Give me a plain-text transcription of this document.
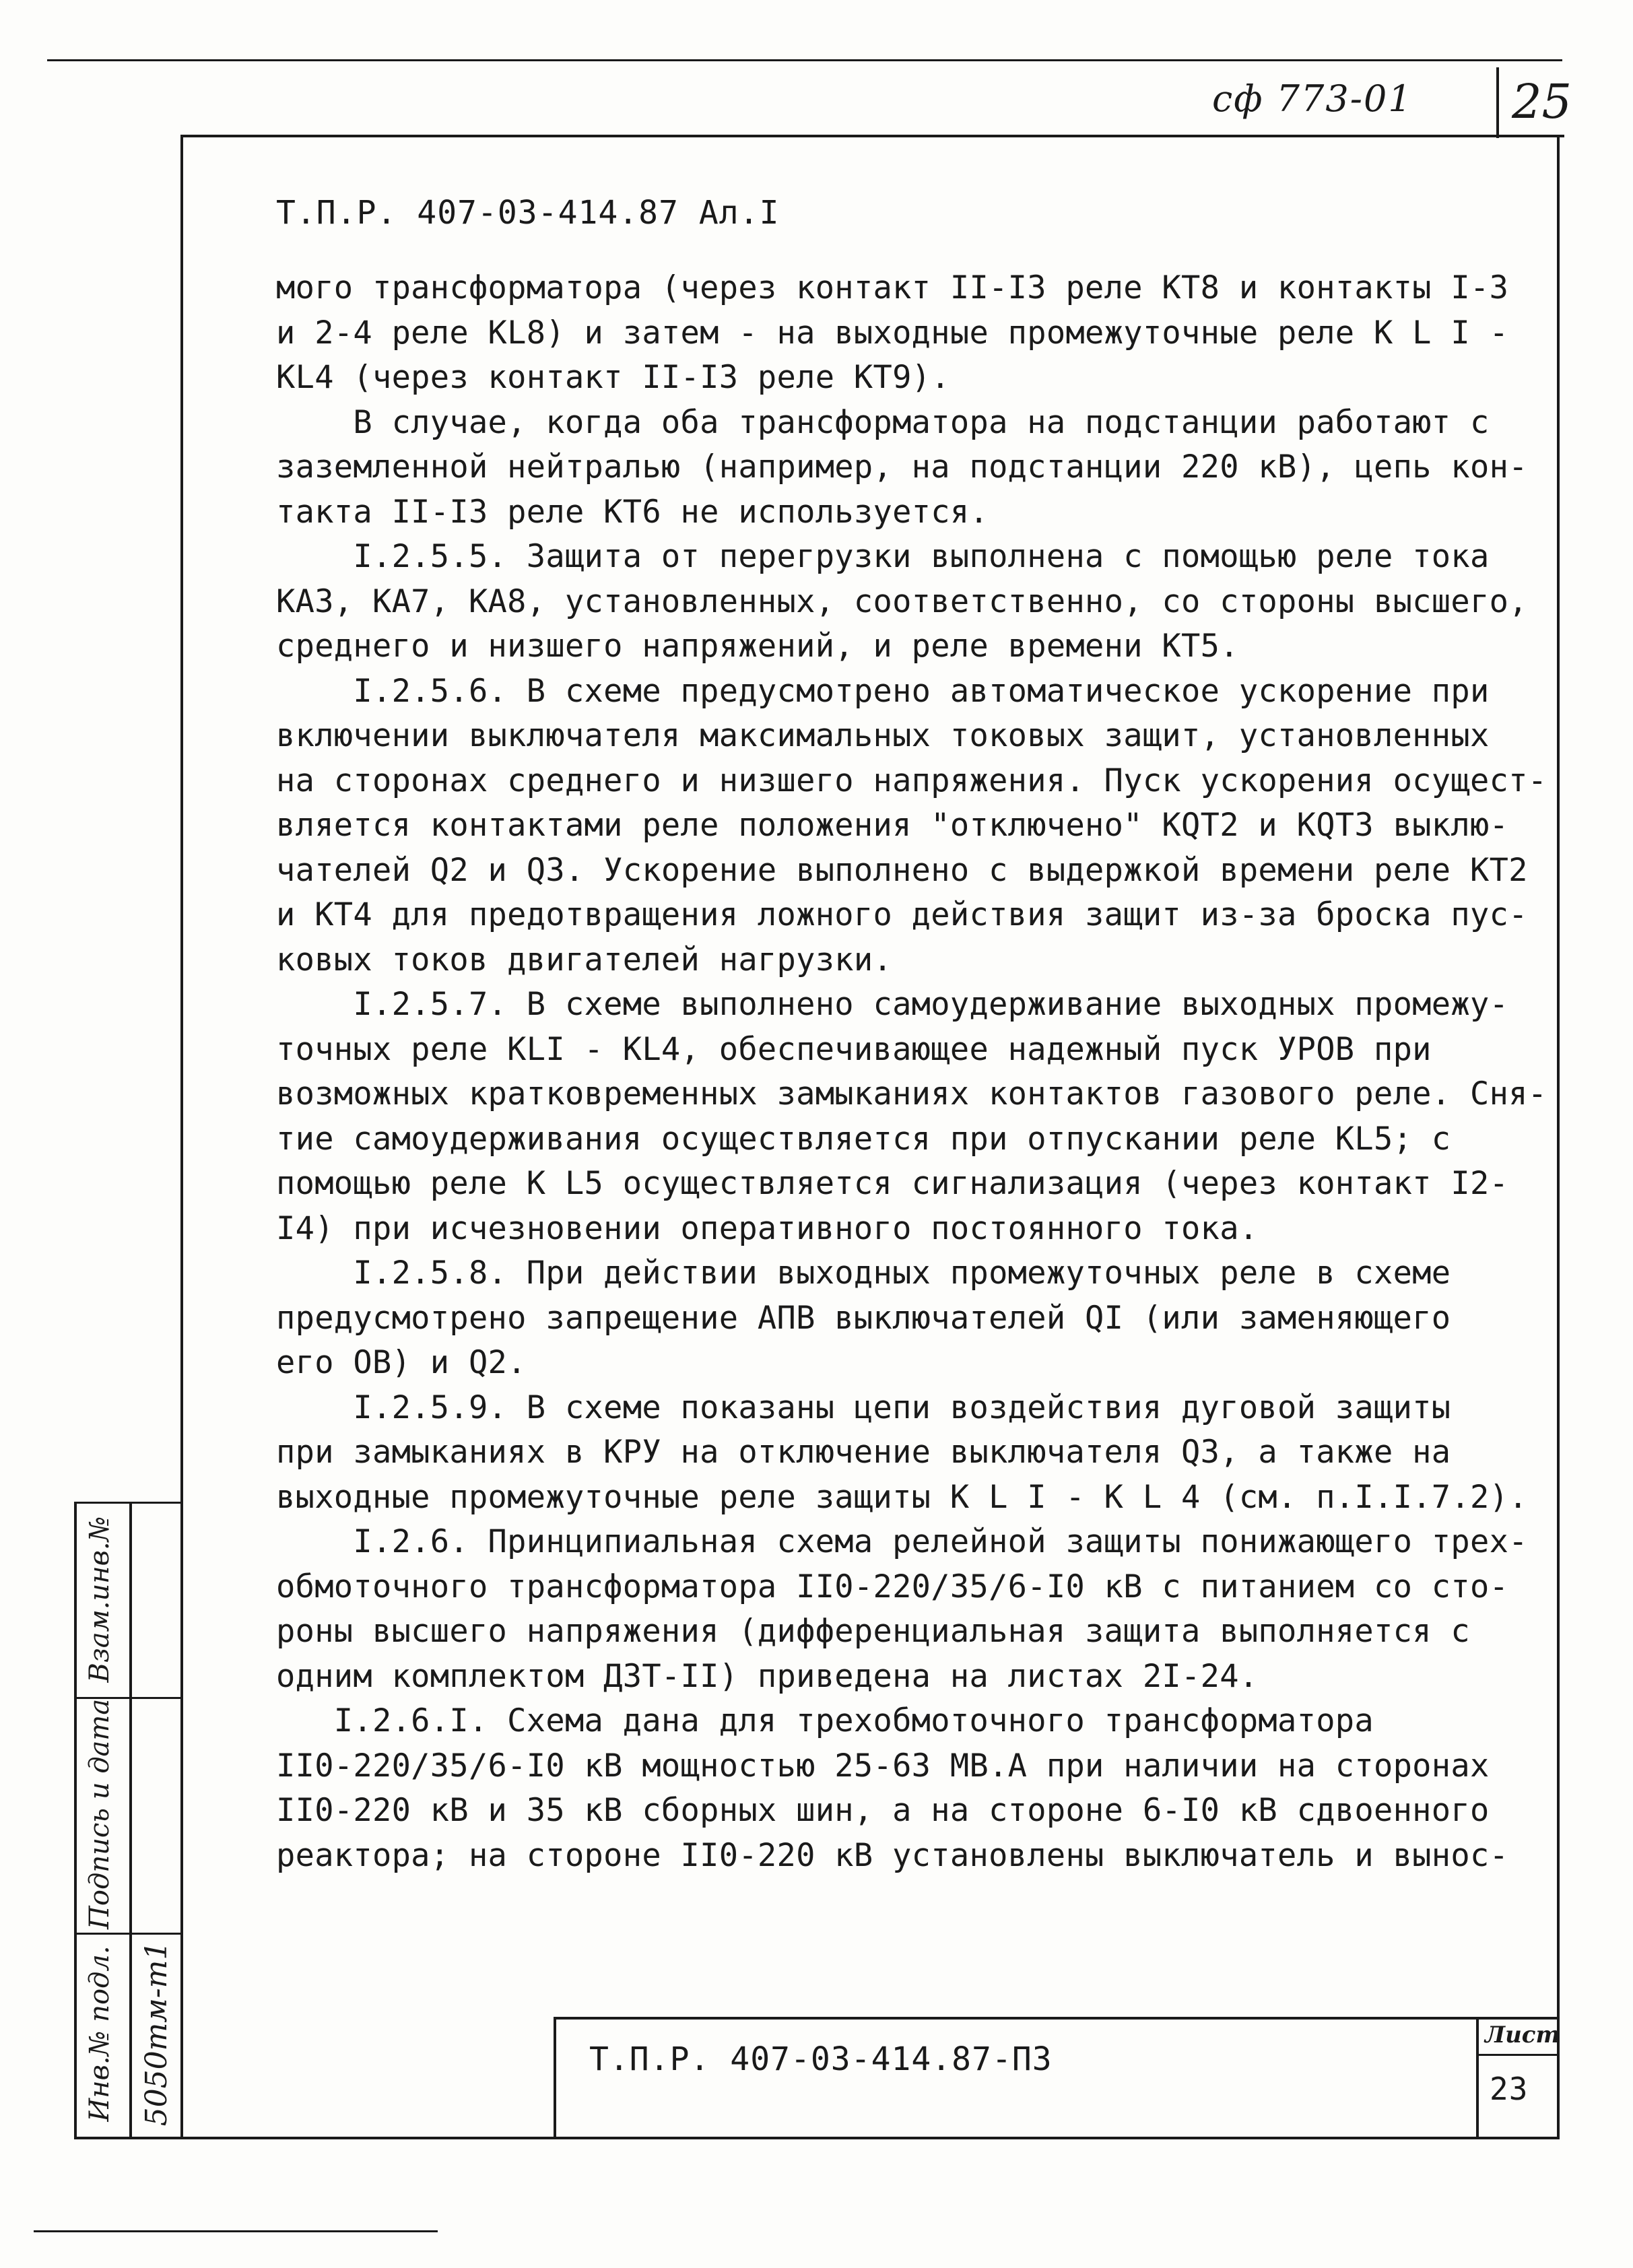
сф 773-01 25
Т.П.Р. 407-03-414.87 Ал.I
мого трансформатора (через контакт II-I3 реле КТ8 и контакты I-3
и 2-4 реле КL8) и затем - на выходные промежуточные реле К L I -
КL4 (через контакт II-I3 реле КТ9).
В случае, когда оба трансформатора на подстанции работают с
заземленной нейтралью (например, на подстанции 220 кВ), цепь кон-
такта II-I3 реле КТ6 не используется.
I.2.5.5. Защита от перегрузки выполнена с помощью реле тока
КА3, КА7, КА8, установленных, соответственно, со стороны высшего,
среднего и низшего напряжений, и реле времени КТ5.
I.2.5.6. В схеме предусмотрено автоматическое ускорение при
включении выключателя максимальных токовых защит, установленных
на сторонах среднего и низшего напряжения. Пуск ускорения осущест-
вляется контактами реле положения "отключено" KQT2 и KQT3 выклю-
чателей Q2 и Q3. Ускорение выполнено с выдержкой времени реле КТ2
и КТ4 для предотвращения ложного действия защит из-за броска пус-
ковых токов двигателей нагрузки.
I.2.5.7. В схеме выполнено самоудерживание выходных промежу-
точных реле КLI - КL4, обеспечивающее надежный пуск УРОВ при
возможных кратковременных замыканиях контактов газового реле. Сня-
тие самоудерживания осуществляется при отпускании реле КL5; с
помощью реле К L5 осуществляется сигнализация (через контакт I2-
I4) при исчезновении оперативного постоянного тока.
I.2.5.8. При действии выходных промежуточных реле в схеме
предусмотрено запрещение АПВ выключателей QI (или заменяющего
его ОВ) и Q2.
I.2.5.9. В схеме показаны цепи воздействия дуговой защиты
при замыканиях в КРУ на отключение выключателя Q3, а также на
выходные промежуточные реле защиты К L I - К L 4 (см. п.I.I.7.2).
I.2.6. Принципиальная схема релейной защиты понижающего трех-
обмоточного трансформатора II0-220/35/6-I0 кВ с питанием со сто-
роны высшего напряжения (дифференциальная защита выполняется с
одним комплектом ДЗТ-II) приведена на листах 2I-24.
I.2.6.I. Схема дана для трехобмоточного трансформатора
II0-220/35/6-I0 кВ мощностью 25-63 МВ.А при наличии на сторонах
II0-220 кВ и 35 кВ сборных шин, а на стороне 6-I0 кВ сдвоенного
реактора; на стороне II0-220 кВ установлены выключатель и вынос-
Т.П.Р. 407-03-414.87-П3
Лист
23
Взам.инв.№
Подпись и дата
Инв.№ подл. 5050тм-т1
